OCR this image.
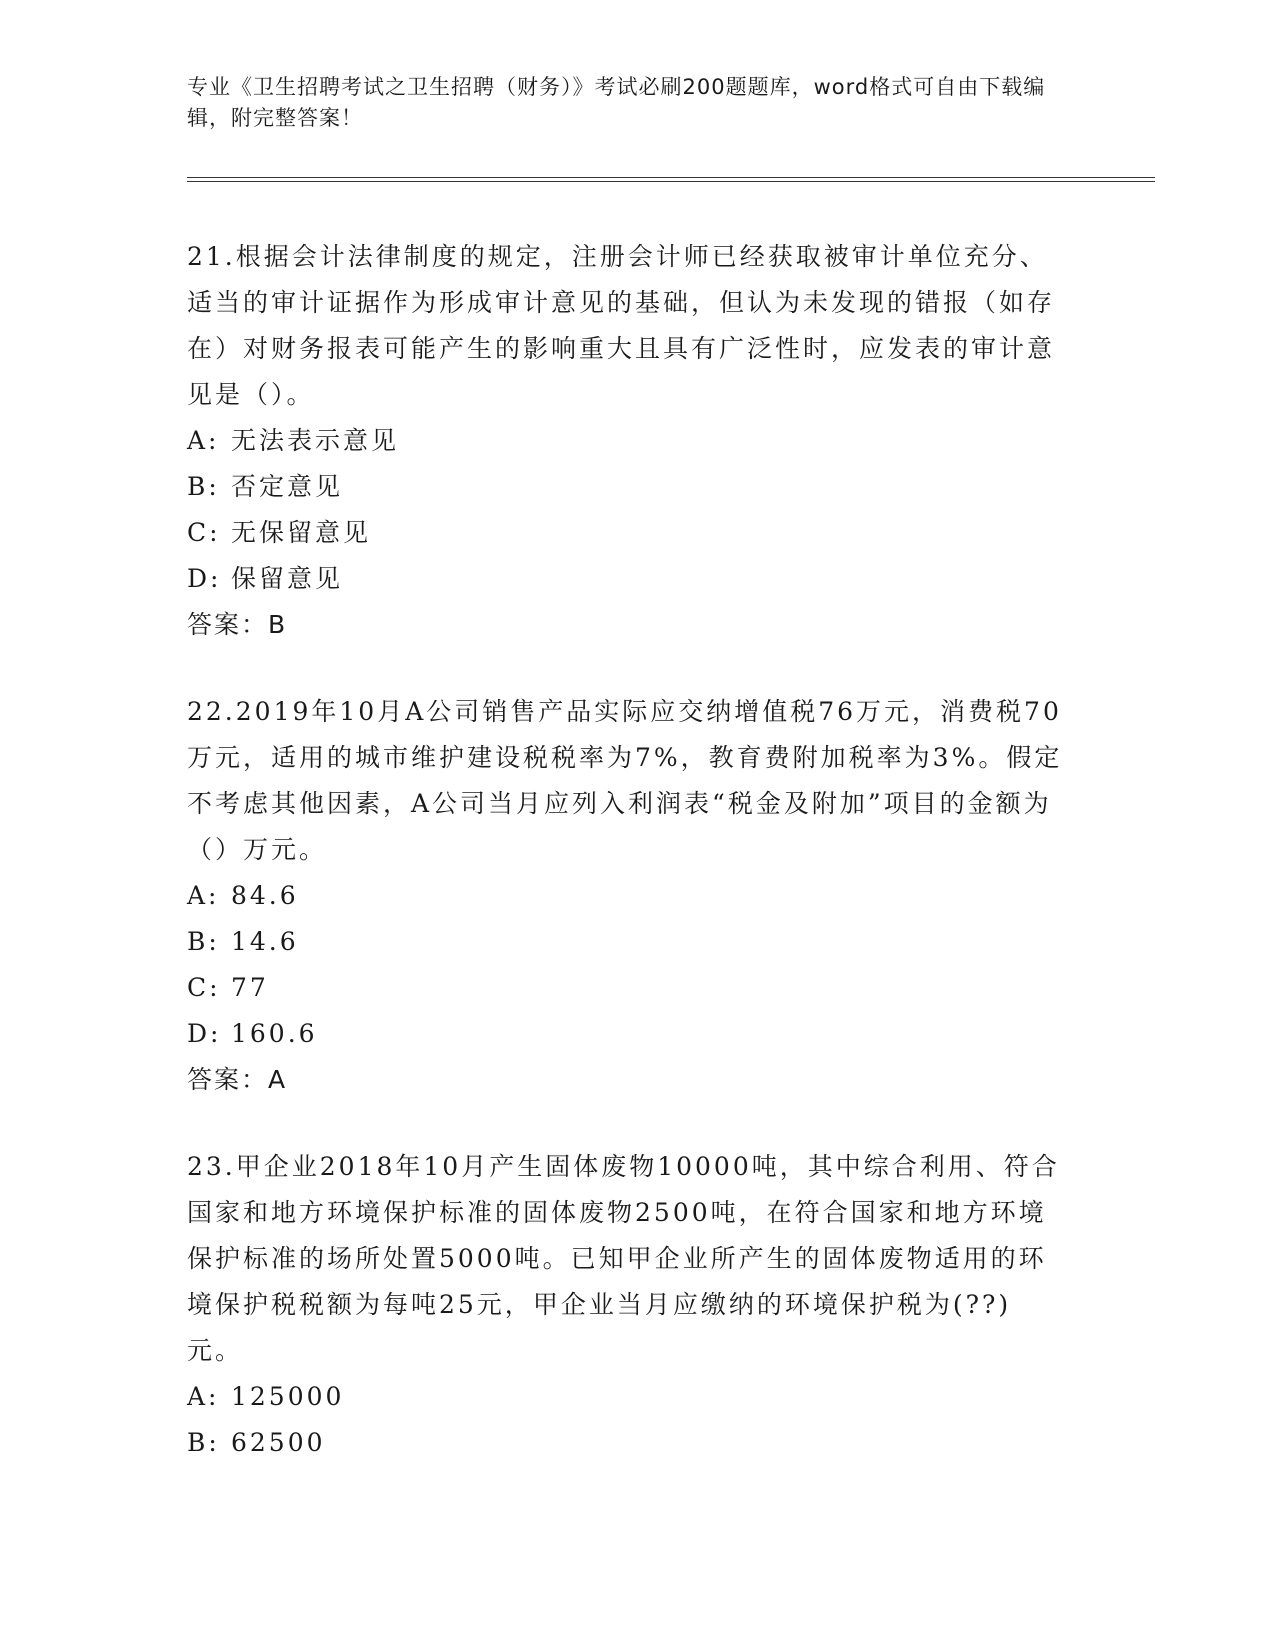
专业《卫生招聘考试之卫生招聘（财务）》考试必刷200题题库，word格式可自由下载编辑，附完整答案！

21.根据会计法律制度的规定，注册会计师已经获取被审计单位充分、适当的审计证据作为形成审计意见的基础，但认为未发现的错报（如存在）对财务报表可能产生的影响重大且具有广泛性时，应发表的审计意见是（）。

A: 无法表示意见
B: 否定意见
C: 无保留意见
D: 保留意见

答案：B

22.2019年10月A公司销售产品实际应交纳增值税76万元，消费税70万元，适用的城市维护建设税税率为7%，教育费附加税率为3%。假定不考虑其他因素，A公司当月应列入利润表“税金及附加”项目的金额为（）万元。

A: 84.6
B: 14.6
C: 77
D: 160.6

答案：A

23.甲企业2018年10月产生固体废物10000吨，其中综合利用、符合国家和地方环境保护标准的固体废物2500吨，在符合国家和地方环境保护标准的场所处置5000吨。已知甲企业所产生的固体废物适用的环境保护税税额为每吨25元，甲企业当月应缴纳的环境保护税为(??)元。

A: 125000
B: 62500
